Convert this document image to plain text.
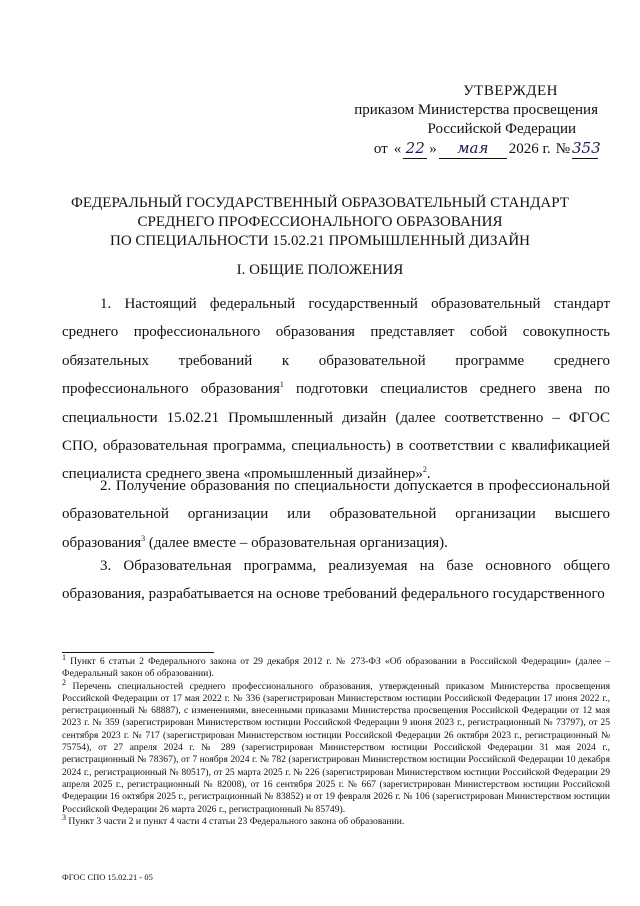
УТВЕРЖДЕН
приказом Министерства просвещения
Российской Федерации
от « 22 »	мая	2026 г. № 353
ФЕДЕРАЛЬНЫЙ ГОСУДАРСТВЕННЫЙ ОБРАЗОВАТЕЛЬНЫЙ СТАНДАРТ
СРЕДНЕГО ПРОФЕССИОНАЛЬНОГО ОБРАЗОВАНИЯ
ПО СПЕЦИАЛЬНОСТИ 15.02.21 ПРОМЫШЛЕННЫЙ ДИЗАЙН
I. ОБЩИЕ ПОЛОЖЕНИЯ

1. Настоящий федеральный государственный образовательный стандарт среднего профессионального образования представляет собой совокупность обязательных требований к образовательной программе среднего профессионального образования$^1$ подготовки специалистов среднего звена по специальности 15.02.21 Промышленный дизайн (далее соответственно – ФГОС СПО, образовательная программа, специальность) в соответствии с квалификацией специалиста среднего звена «промышленный дизайнер»$^2$.

2. Получение образования по специальности допускается в профессиональной образовательной организации или образовательной организации высшего образования$^3$ (далее вместе – образовательная организация).

3. Образовательная программа, реализуемая на базе основного общего образования, разрабатывается на основе требований федерального государственного

$^1$ Пункт 6 статьи 2 Федерального закона от 29 декабря 2012 г. № 273-ФЗ «Об образовании в Российской Федерации» (далее – Федеральный закон об образовании).
$^2$ Перечень специальностей среднего профессионального образования, утвержденный приказом Министерства просвещения Российской Федерации от 17 мая 2022 г. № 336 (зарегистрирован Министерством юстиции Российской Федерации 17 июня 2022 г., регистрационный № 68887), с изменениями, внесенными приказами Министерства просвещения Российской Федерации от 12 мая 2023 г. № 359 (зарегистрирован Министерством юстиции Российской Федерации 9 июня 2023 г., регистрационный № 73797), от 25 сентября 2023 г. № 717 (зарегистрирован Министерством юстиции Российской Федерации 26 октября 2023 г., регистрационный № 75754), от 27 апреля 2024 г. № 289 (зарегистрирован Министерством юстиции Российской Федерации 31 мая 2024 г., регистрационный № 78367), от 7 ноября 2024 г. № 782 (зарегистрирован Министерством юстиции Российской Федерации 10 декабря 2024 г., регистрационный № 80517), от 25 марта 2025 г. № 226 (зарегистрирован Министерством юстиции Российской Федерации 29 апреля 2025 г., регистрационный № 82008), от 16 сентября 2025 г. № 667 (зарегистрирован Министерством юстиции Российской Федерации 16 октября 2025 г., регистрационный № 83852) и от 19 февраля 2026 г. № 106 (зарегистрирован Министерством юстиции Российской Федерации 26 марта 2026 г., регистрационный № 85749).
$^3$ Пункт 3 части 2 и пункт 4 части 4 статьи 23 Федерального закона об образовании.
ФГОС СПО 15.02.21 - 05
